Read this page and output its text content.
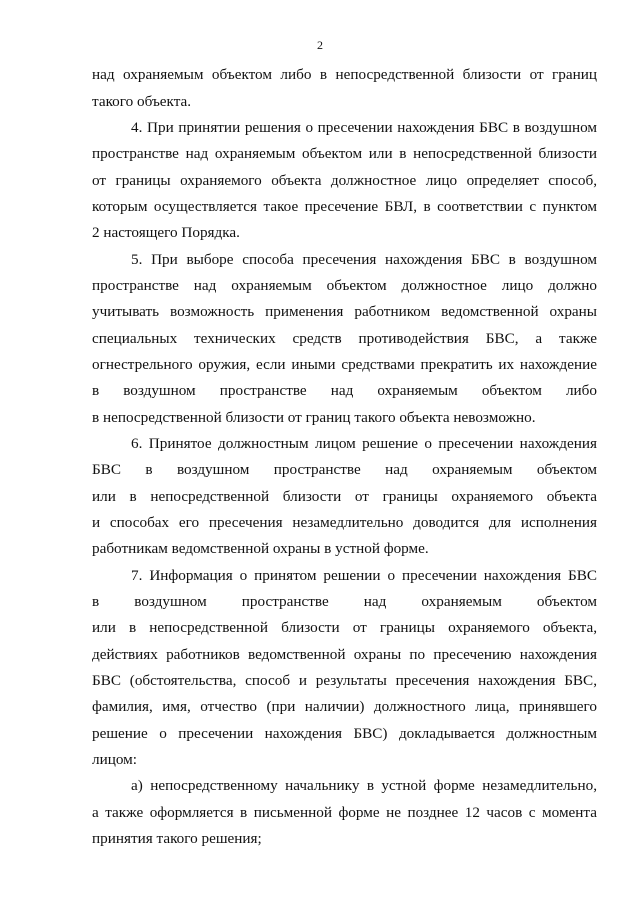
2
над охраняемым объектом либо в непосредственной близости от границ
такого объекта.
4. При принятии решения о пресечении нахождения БВС в воздушном
пространстве над охраняемым объектом или в непосредственной близости
от границы охраняемого объекта должностное лицо определяет способ,
которым осуществляется такое пресечение БВЛ, в соответствии с пунктом
2 настоящего Порядка.
5. При выборе способа пресечения нахождения БВС в воздушном
пространстве над охраняемым объектом должностное лицо должно
учитывать возможность применения работником ведомственной охраны
специальных технических средств противодействия БВС, а также
огнестрельного оружия, если иными средствами прекратить их нахождение
в воздушном пространстве над охраняемым объектом либо
в непосредственной близости от границ такого объекта невозможно.
6. Принятое должностным лицом решение о пресечении нахождения
БВС в воздушном пространстве над охраняемым объектом
или в непосредственной близости от границы охраняемого объекта
и способах его пресечения незамедлительно доводится для исполнения
работникам ведомственной охраны в устной форме.
7. Информация о принятом решении о пресечении нахождения БВС
в воздушном пространстве над охраняемым объектом
или в непосредственной близости от границы охраняемого объекта,
действиях работников ведомственной охраны по пресечению нахождения
БВС (обстоятельства, способ и результаты пресечения нахождения БВС,
фамилия, имя, отчество (при наличии) должностного лица, принявшего
решение о пресечении нахождения БВС) докладывается должностным
лицом:
а) непосредственному начальнику в устной форме незамедлительно,
а также оформляется в письменной форме не позднее 12 часов с момента
принятия такого решения;
